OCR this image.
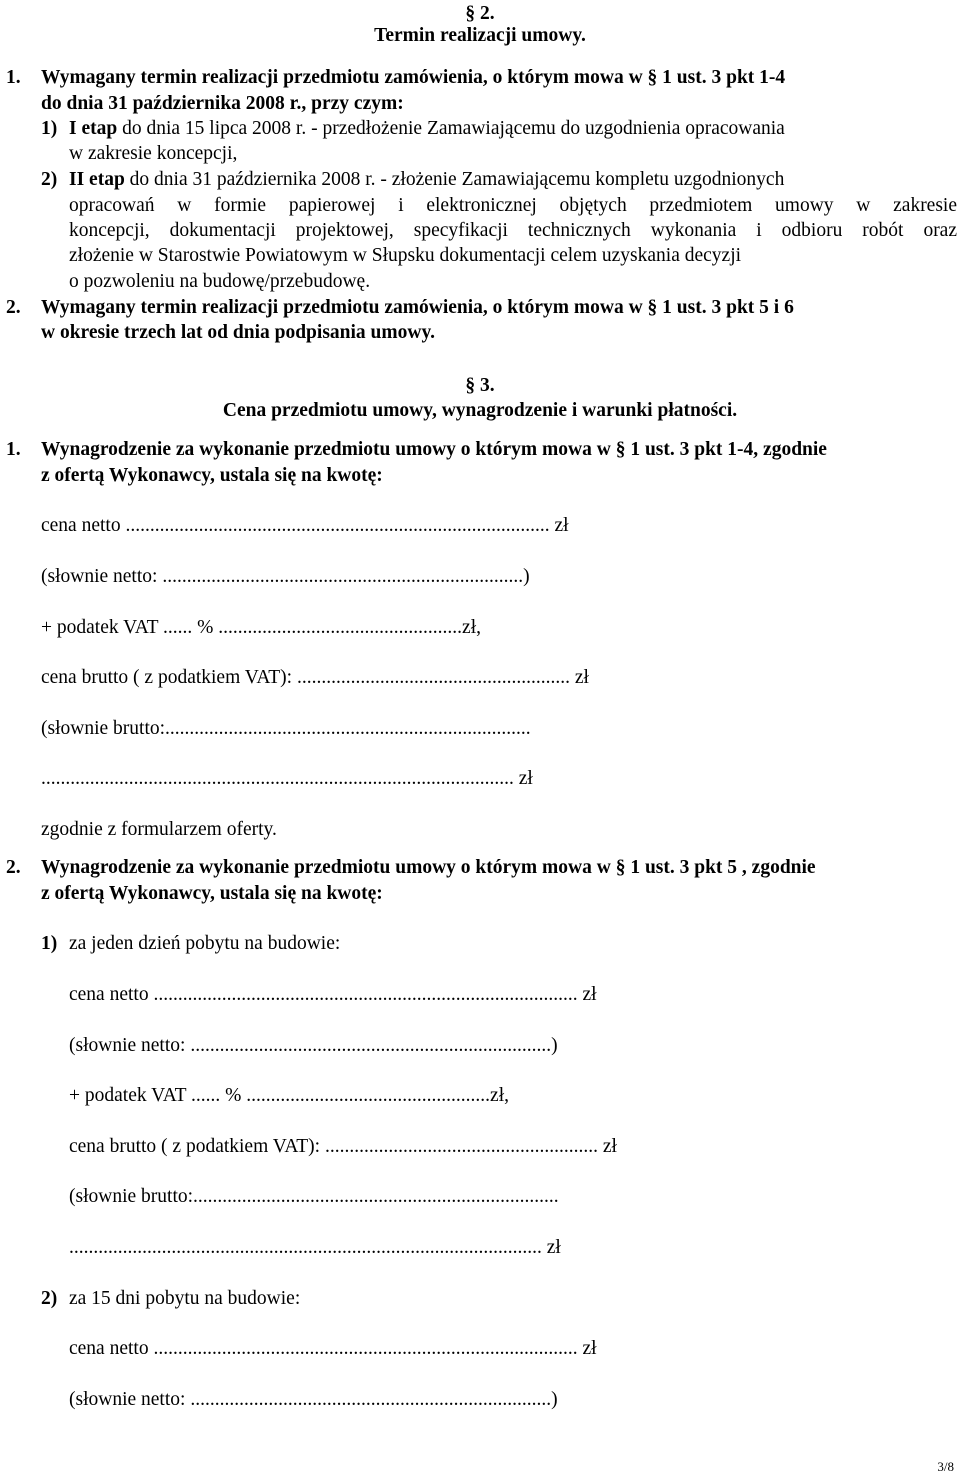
§ 2.
Termin realizacji umowy.
1. Wymagany termin realizacji przedmiotu zamówienia, o którym mowa w § 1 ust. 3 pkt 1-4
do dnia 31 października 2008 r., przy czym:
1) I etap do dnia 15 lipca 2008 r. - przedłożenie Zamawiającemu do uzgodnienia opracowania
w zakresie koncepcji,
2) II etap do dnia 31 października 2008 r. - złożenie Zamawiającemu kompletu uzgodnionych
opracowań w formie papierowej i elektronicznej objętych przedmiotem umowy w zakresie
koncepcji, dokumentacji projektowej, specyfikacji technicznych wykonania i odbioru robót oraz
złożenie w Starostwie Powiatowym w Słupsku dokumentacji celem uzyskania decyzji
o pozwoleniu na budowę/przebudowę.
2. Wymagany termin realizacji przedmiotu zamówienia, o którym mowa w § 1 ust. 3 pkt 5 i 6
w okresie trzech lat od dnia podpisania umowy.
§ 3.
Cena przedmiotu umowy, wynagrodzenie i warunki płatności.
1. Wynagrodzenie za wykonanie przedmiotu umowy o którym mowa w § 1 ust. 3 pkt 1-4, zgodnie
z ofertą Wykonawcy, ustala się na kwotę:
cena netto ....................................................................................... zł
(słownie netto: ..........................................................................)
+ podatek VAT ...... % ..................................................zł,
cena brutto ( z podatkiem VAT): ........................................................ zł
(słownie brutto:...........................................................................
................................................................................................. zł
zgodnie z formularzem oferty.
2. Wynagrodzenie za wykonanie przedmiotu umowy o którym mowa w § 1 ust. 3 pkt 5 , zgodnie
z ofertą Wykonawcy, ustala się na kwotę:
1) za jeden dzień pobytu na budowie:
cena netto ....................................................................................... zł
(słownie netto: ..........................................................................)
+ podatek VAT ...... % ..................................................zł,
cena brutto ( z podatkiem VAT): ........................................................ zł
(słownie brutto:...........................................................................
................................................................................................. zł
2) za 15 dni pobytu na budowie:
cena netto ....................................................................................... zł
(słownie netto: ..........................................................................)
3/8
